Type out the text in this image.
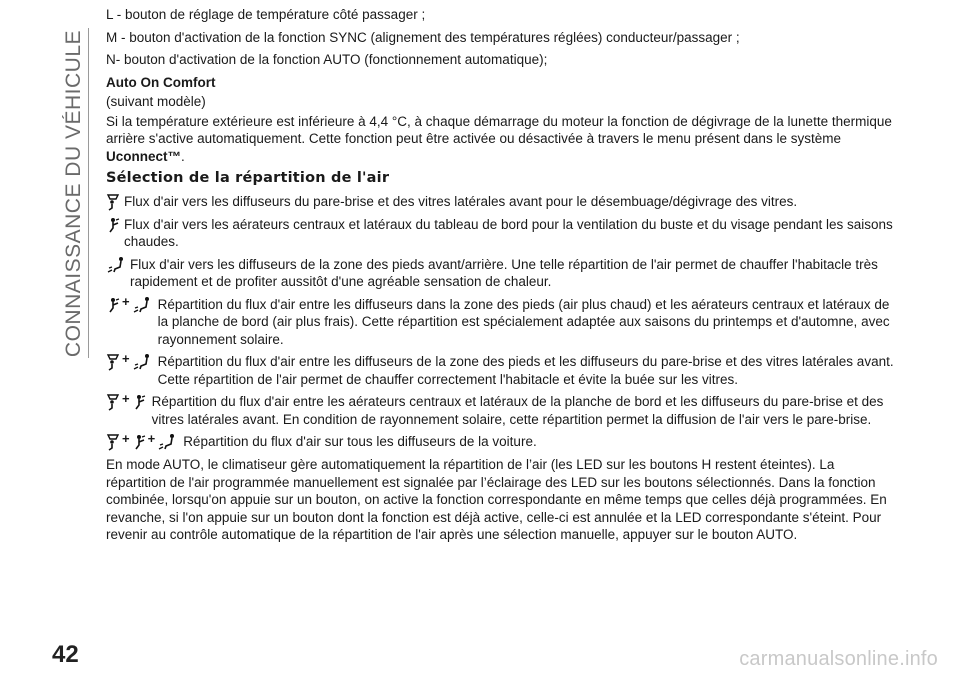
CONNAISSANCE DU VÉHICULE

L - bouton de réglage de température côté passager ;

M - bouton d'activation de la fonction SYNC (alignement des températures réglées) conducteur/passager ;

N- bouton d'activation de la fonction AUTO (fonctionnement automatique);

Auto On Comfort

(suivant modèle)

Si la température extérieure est inférieure à 4,4 °C, à chaque démarrage du moteur la fonction de dégivrage de la lunette thermique arrière s'active automatiquement. Cette fonction peut être activée ou désactivée à travers le menu présent dans le système Uconnect™.

Sélection de la répartition de l'air
Flux d'air vers les diffuseurs du pare-brise et des vitres latérales avant pour le désembuage/dégivrage des vitres.
Flux d'air vers les aérateurs centraux et latéraux du tableau de bord pour la ventilation du buste et du visage pendant les saisons chaudes.
Flux d'air vers les diffuseurs de la zone des pieds avant/arrière. Une telle répartition de l'air permet de chauffer l'habitacle très rapidement et de profiter aussitôt d'une agréable sensation de chaleur.
+ Répartition du flux d'air entre les diffuseurs dans la zone des pieds (air plus chaud) et les aérateurs centraux et latéraux de la planche de bord (air plus frais). Cette répartition est spécialement adaptée aux saisons du printemps et d'automne, avec rayonnement solaire.
+ Répartition du flux d'air entre les diffuseurs de la zone des pieds et les diffuseurs du pare-brise et des vitres latérales avant. Cette répartition de l'air permet de chauffer correctement l'habitacle et évite la buée sur les vitres.
+ Répartition du flux d'air entre les aérateurs centraux et latéraux de la planche de bord et les diffuseurs du pare-brise et des vitres latérales avant. En condition de rayonnement solaire, cette répartition permet la diffusion de l'air vers le pare-brise.
+ + Répartition du flux d'air sur tous les diffuseurs de la voiture.

En mode AUTO, le climatiseur gère automatiquement la répartition de l’air (les LED sur les boutons H restent éteintes). La répartition de l'air programmée manuellement est signalée par l’éclairage des LED sur les boutons sélectionnés. Dans la fonction combinée, lorsqu'on appuie sur un bouton, on active la fonction correspondante en même temps que celles déjà programmées. En revanche, si l'on appuie sur un bouton dont la fonction est déjà active, celle-ci est annulée et la LED correspondante s'éteint. Pour revenir au contrôle automatique de la répartition de l'air après une sélection manuelle, appuyer sur le bouton AUTO.

42	carmanualsonline.info
